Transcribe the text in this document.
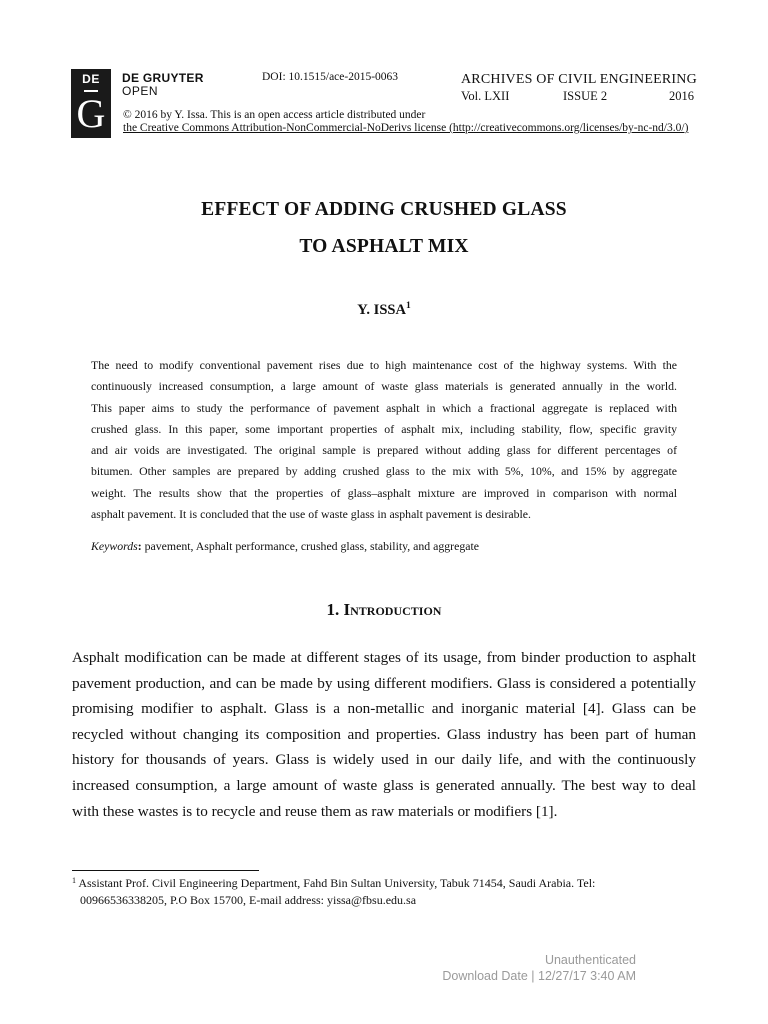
DE
G
DE GRUYTER
OPEN
DOI: 10.1515/ace-2015-0063	ARCHIVES OF CIVIL ENGINEERING
Vol. LXII	ISSUE 2	2016
© 2016 by Y. Issa. This is an open access article distributed under
the Creative Commons Attribution-NonCommercial-NoDerivs license (http://creativecommons.org/licenses/by-nc-nd/3.0/)
EFFECT OF ADDING CRUSHED GLASS
TO ASPHALT MIX
Y. ISSA$^1$
The need to modify conventional pavement rises due to high maintenance cost of the highway systems. With the
continuously increased consumption, a large amount of waste glass materials is generated annually in the world.
This paper aims to study the performance of pavement asphalt in which a fractional aggregate is replaced with
crushed glass. In this paper, some important properties of asphalt mix, including stability, flow, specific gravity
and air voids are investigated. The original sample is prepared without adding glass for different percentages of
bitumen. Other samples are prepared by adding crushed glass to the mix with 5%, 10%, and 15% by aggregate
weight. The results show that the properties of glass–asphalt mixture are improved in comparison with normal
asphalt pavement. It is concluded that the use of waste glass in asphalt pavement is desirable.
Keywords: pavement, Asphalt performance, crushed glass, stability, and aggregate
1. Introduction
Asphalt modification can be made at different stages of its usage, from binder production to asphalt
pavement production, and can be made by using different modifiers. Glass is considered a potentially
promising modifier to asphalt. Glass is a non-metallic and inorganic material [4]. Glass can be
recycled without changing its composition and properties. Glass industry has been part of human
history for thousands of years. Glass is widely used in our daily life, and with the continuously
increased consumption, a large amount of waste glass is generated annually. The best way to deal
with these wastes is to recycle and reuse them as raw materials or modifiers [1].
$^1$ Assistant Prof. Civil Engineering Department, Fahd Bin Sultan University, Tabuk 71454, Saudi Arabia. Tel:
00966536338205, P.O Box 15700, E-mail address: yissa@fbsu.edu.sa
Unauthenticated
Download Date | 12/27/17 3:40 AM
